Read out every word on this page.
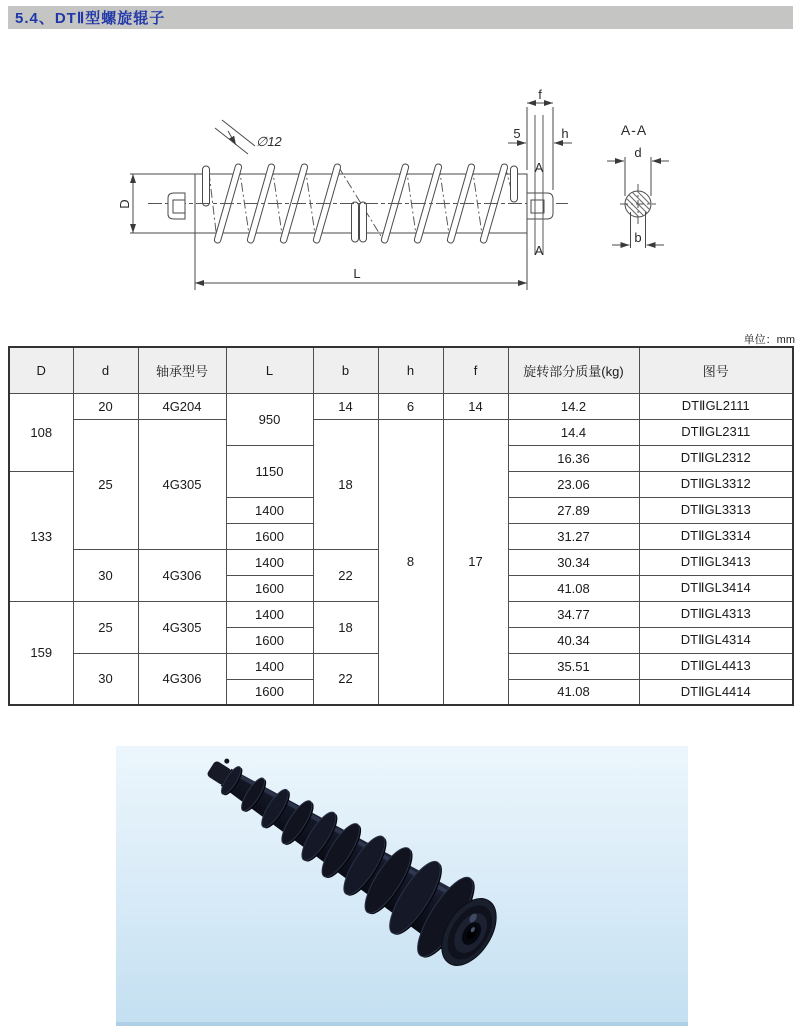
5.4、DTⅡ型螺旋辊子
f
5	h
A
A
D
L
∅12
A-A
d
b
单位：mm
D	d	轴承型号	L	b	h	f	旋转部分质量(kg)	图号
108	20	4G204	950	14	6	14	14.2	DTⅡGL2111
	25	4G305		18	8	17	14.4	DTⅡGL2311
			1150				16.36	DTⅡGL2312
133							23.06	DTⅡGL3312
			1400				27.89	DTⅡGL3313
			1600				31.27	DTⅡGL3314
	30	4G306	1400	22			30.34	DTⅡGL3413
			1600				41.08	DTⅡGL3414
159	25	4G305	1400	18			34.77	DTⅡGL4313
			1600				40.34	DTⅡGL4314
	30	4G306	1400	22			35.51	DTⅡGL4413
			1600				41.08	DTⅡGL4414
